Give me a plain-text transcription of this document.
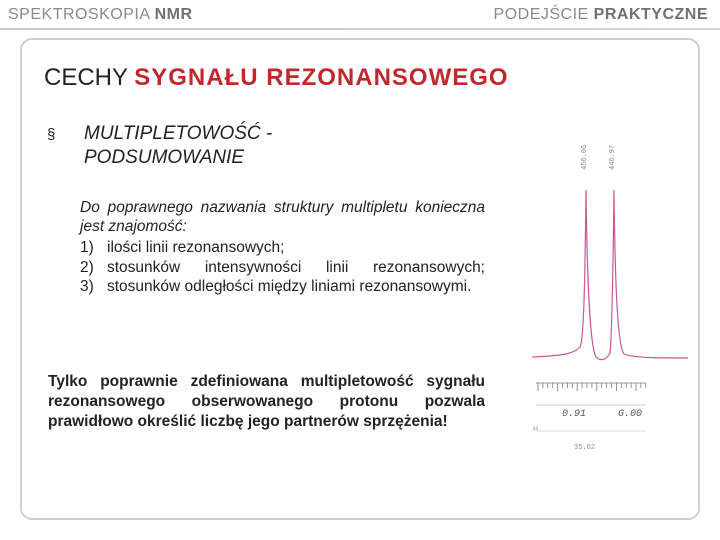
SPEKTROSKOPIA NMR	PODEJŚCIE PRAKTYCZNE
CECHY SYGNAŁU REZONANSOWEGO
§ MULTIPLETOWOŚĆ - PODSUMOWANIE
Do poprawnego nazwania struktury multipletu konieczna jest znajomość:
1) ilości linii rezonansowych;
2) stosunków intensywności linii rezonansowych;
3) stosunków odległości między liniami rezonansowymi.
Tylko poprawnie zdefiniowana multipletowość sygnału rezonansowego obserwowanego protonu pozwala prawidłowo określić liczbę jego partnerów sprzężenia!
456.06	446.97
0.91	G.00
H
35.62
